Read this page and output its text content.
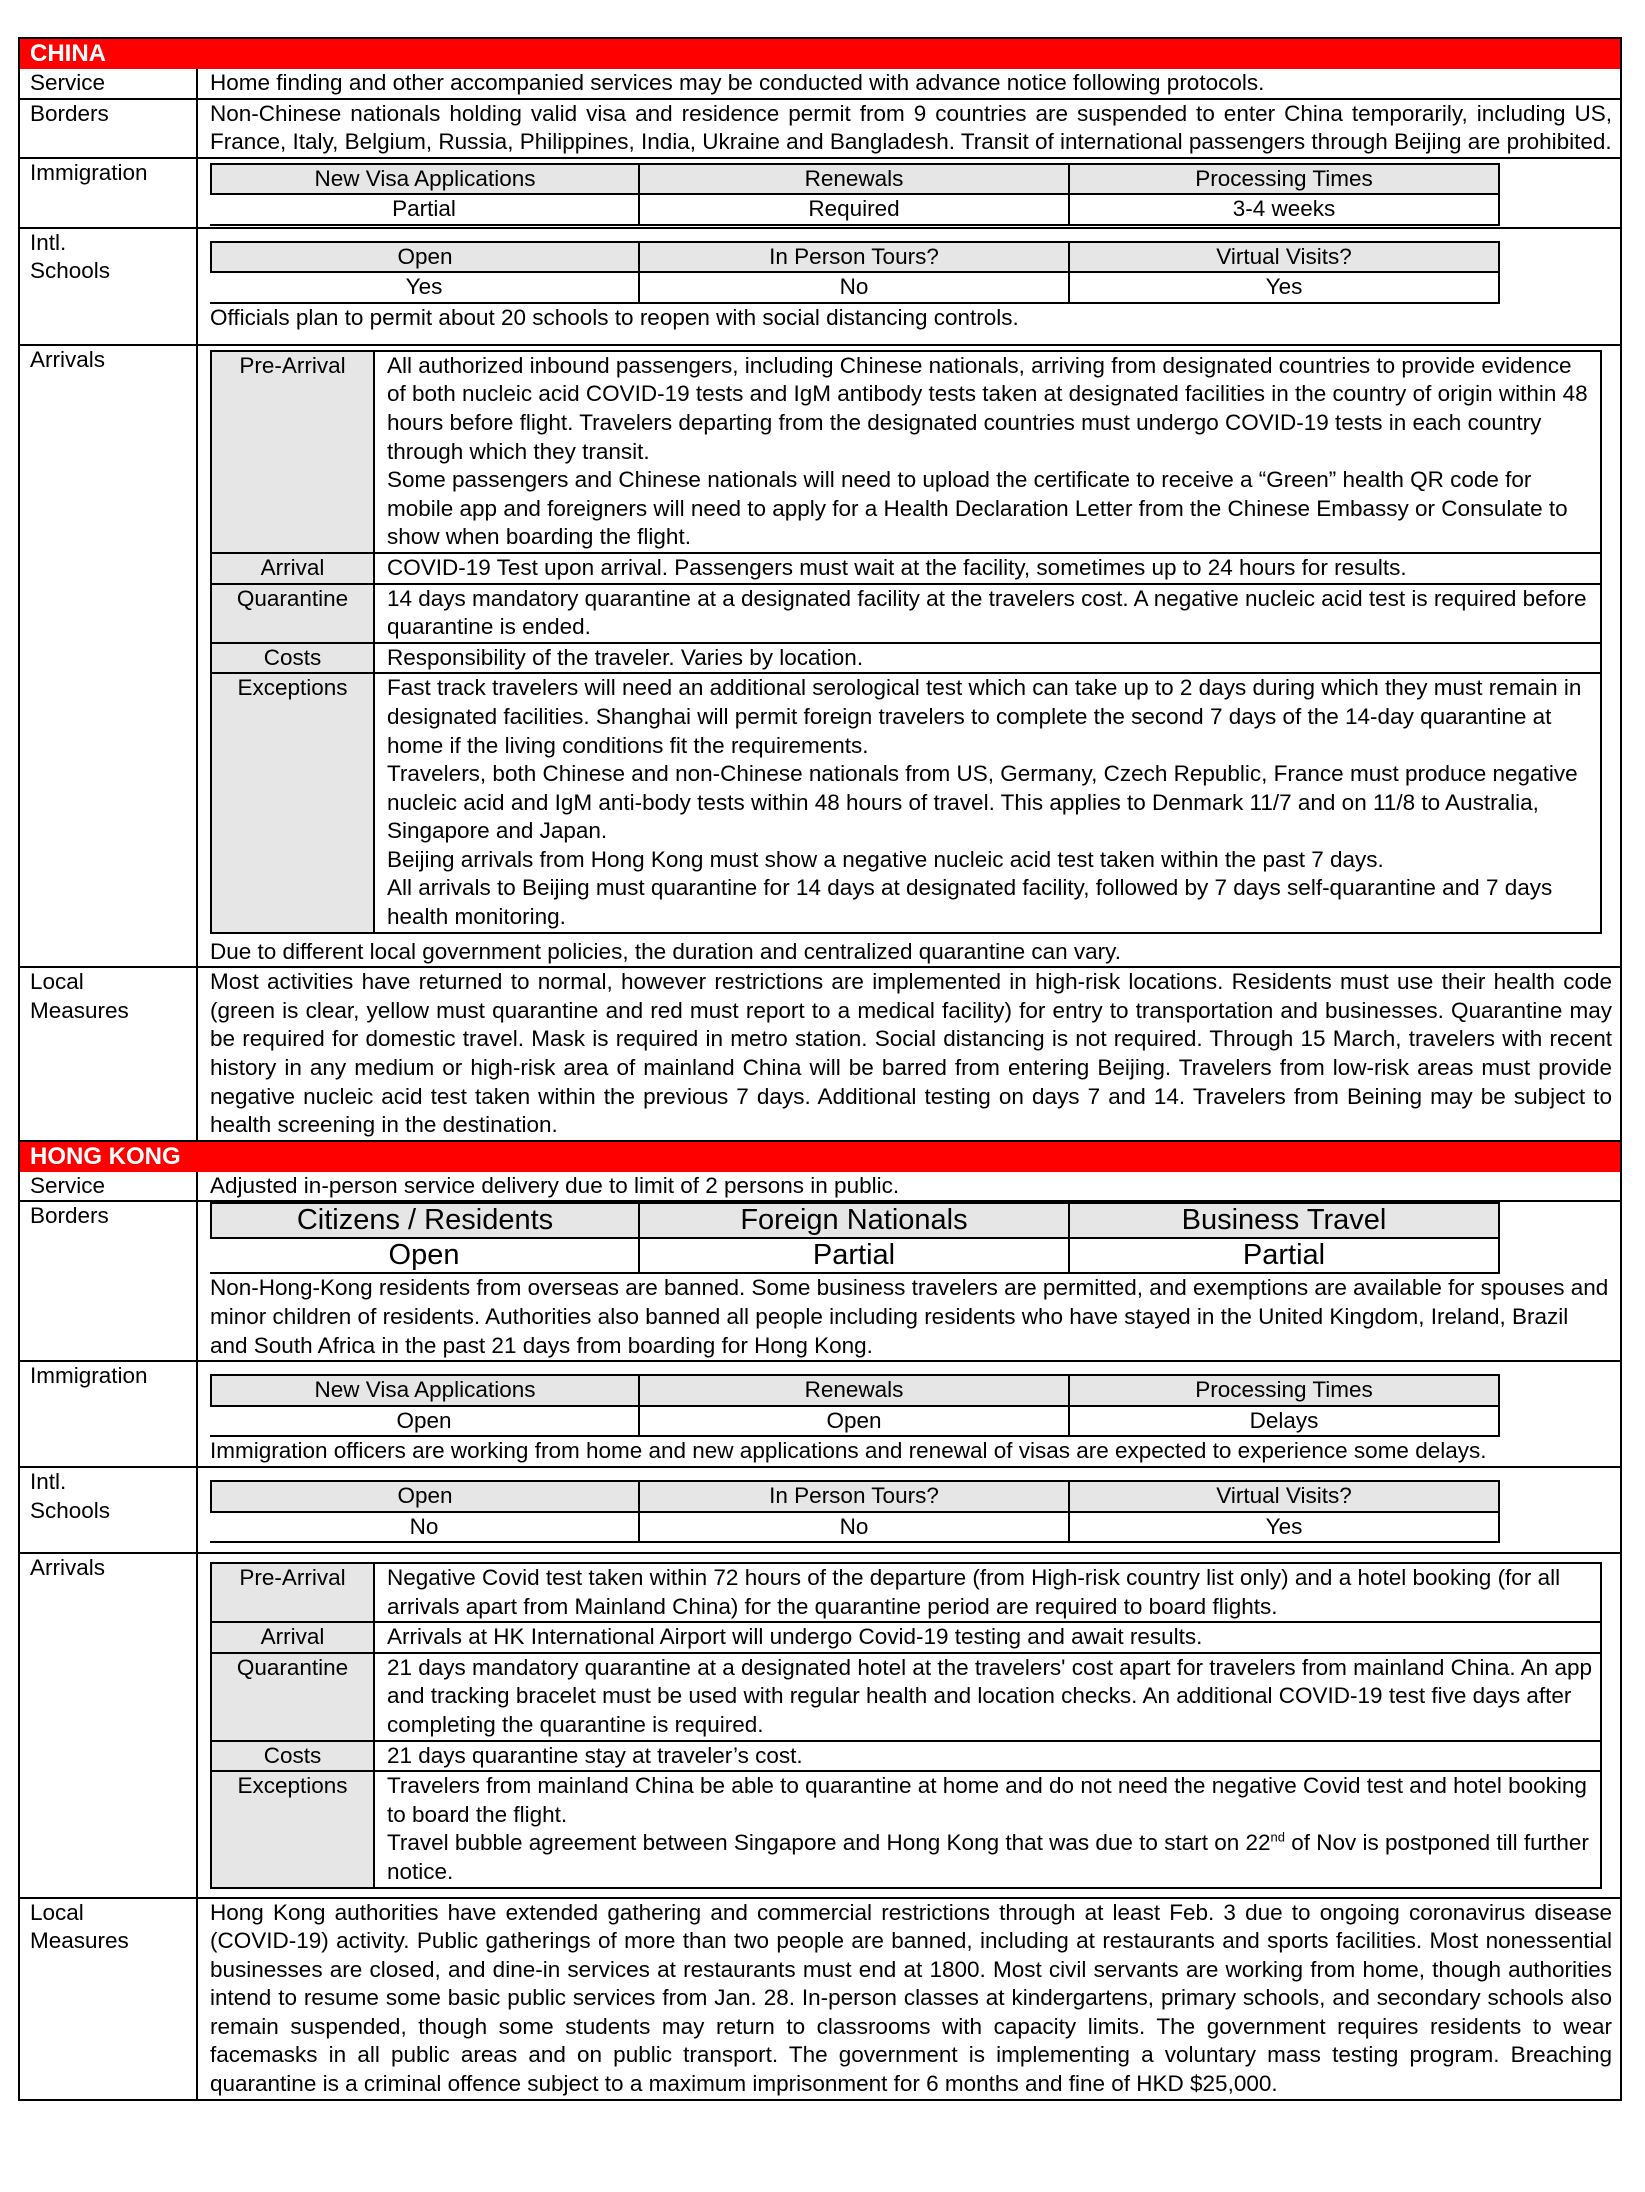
CHINA
Service	Home finding and other accompanied services may be conducted with advance notice following protocols.
Borders	Non-Chinese nationals holding valid visa and residence permit from 9 countries are suspended to enter China temporarily, including US, France, Italy, Belgium, Russia, Philippines, India, Ukraine and Bangladesh. Transit of international passengers through Beijing are prohibited.
Immigration	New Visa Applications	Renewals	Processing Times
Partial	Required	3-4 weeks
Intl.
Schools
Open	In Person Tours?	Virtual Visits?
Yes	No	Yes
Officials plan to permit about 20 schools to reopen with social distancing controls.
Arrivals	Pre-Arrival	All authorized inbound passengers, including Chinese nationals, arriving from designated countries to provide evidence of both nucleic acid COVID-19 tests and IgM antibody tests taken at designated facilities in the country of origin within 48 hours before flight. Travelers departing from the designated countries must undergo COVID-19 tests in each country through which they transit.
Some passengers and Chinese nationals will need to upload the certificate to receive a “Green” health QR code for mobile app and foreigners will need to apply for a Health Declaration Letter from the Chinese Embassy or Consulate to show when boarding the flight.
Arrival	COVID-19 Test upon arrival. Passengers must wait at the facility, sometimes up to 24 hours for results.
Quarantine	14 days mandatory quarantine at a designated facility at the travelers cost. A negative nucleic acid test is required before quarantine is ended.
Costs	Responsibility of the traveler. Varies by location.
Exceptions	Fast track travelers will need an additional serological test which can take up to 2 days during which they must remain in designated facilities. Shanghai will permit foreign travelers to complete the second 7 days of the 14-day quarantine at home if the living conditions fit the requirements.
Travelers, both Chinese and non-Chinese nationals from US, Germany, Czech Republic, France must produce negative nucleic acid and IgM anti-body tests within 48 hours of travel. This applies to Denmark 11/7 and on 11/8 to Australia, Singapore and Japan.
Beijing arrivals from Hong Kong must show a negative nucleic acid test taken within the past 7 days.
All arrivals to Beijing must quarantine for 14 days at designated facility, followed by 7 days self-quarantine and 7 days health monitoring.
Due to different local government policies, the duration and centralized quarantine can vary.
Local
Measures
Most activities have returned to normal, however restrictions are implemented in high-risk locations. Residents must use their health code (green is clear, yellow must quarantine and red must report to a medical facility) for entry to transportation and businesses. Quarantine may be required for domestic travel. Mask is required in metro station. Social distancing is not required. Through 15 March, travelers with recent history in any medium or high-risk area of mainland China will be barred from entering Beijing. Travelers from low-risk areas must provide negative nucleic acid test taken within the previous 7 days. Additional testing on days 7 and 14. Travelers from Beining may be subject to health screening in the destination.
HONG KONG
Service	Adjusted in-person service delivery due to limit of 2 persons in public.
Borders	Citizens / Residents	Foreign Nationals	Business Travel
Open	Partial	Partial
Non-Hong-Kong residents from overseas are banned. Some business travelers are permitted, and exemptions are available for spouses and minor children of residents. Authorities also banned all people including residents who have stayed in the United Kingdom, Ireland, Brazil and South Africa in the past 21 days from boarding for Hong Kong.
Immigration
New Visa Applications	Renewals	Processing Times
Open	Open	Delays
Immigration officers are working from home and new applications and renewal of visas are expected to experience some delays.
Intl.
Schools
Open	In Person Tours?	Virtual Visits?
No	No	Yes
Arrivals	Pre-Arrival	Negative Covid test taken within 72 hours of the departure (from High-risk country list only) and a hotel booking (for all arrivals apart from Mainland China) for the quarantine period are required to board flights.
Arrival	Arrivals at HK International Airport will undergo Covid-19 testing and await results.
Quarantine	21 days mandatory quarantine at a designated hotel at the travelers' cost apart for travelers from mainland China. An app and tracking bracelet must be used with regular health and location checks. An additional COVID-19 test five days after completing the quarantine is required.
Costs	21 days quarantine stay at traveler’s cost.
Exceptions	Travelers from mainland China be able to quarantine at home and do not need the negative Covid test and hotel booking to board the flight.
Travel bubble agreement between Singapore and Hong Kong that was due to start on 22nd of Nov is postponed till further notice.
Local
Measures
Hong Kong authorities have extended gathering and commercial restrictions through at least Feb. 3 due to ongoing coronavirus disease (COVID-19) activity. Public gatherings of more than two people are banned, including at restaurants and sports facilities. Most nonessential businesses are closed, and dine-in services at restaurants must end at 1800. Most civil servants are working from home, though authorities intend to resume some basic public services from Jan. 28. In-person classes at kindergartens, primary schools, and secondary schools also remain suspended, though some students may return to classrooms with capacity limits. The government requires residents to wear facemasks in all public areas and on public transport. The government is implementing a voluntary mass testing program. Breaching quarantine is a criminal offence subject to a maximum imprisonment for 6 months and fine of HKD $25,000.
